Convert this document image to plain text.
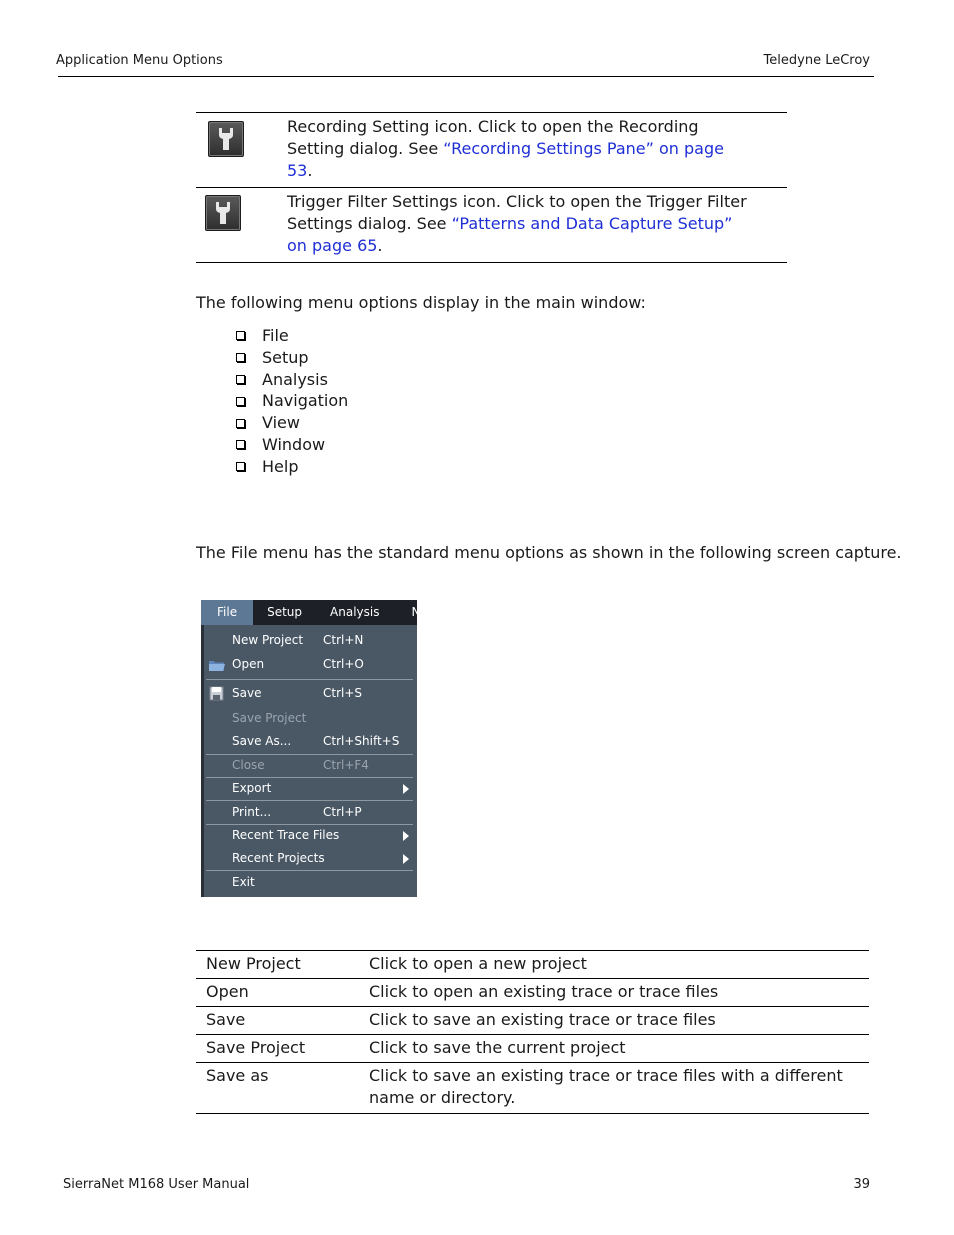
Application Menu Options	Teledyne LeCroy
	Recording Setting icon. Click to open the Recording Setting dialog. See “Recording Settings Pane” on page 53.

	Trigger Filter Settings icon. Click to open the Trigger Filter Settings dialog. See “Patterns and Data Capture Setup” on page 65.

The following menu options display in the main window:

File
Setup
Analysis
Navigation
View
Window
Help

The File menu has the standard menu options as shown in the following screen capture.

File	Setup	Analysis	Na
New Project Ctrl+N
Open	Ctrl+O
Save	Ctrl+S
Save Project
Save As...	Ctrl+Shift+S
Close	Ctrl+F4
Export
Print...	Ctrl+P
Recent Trace Files
Recent Projects
Exit
New Project	Click to open a new project
Open	Click to open an existing trace or trace files
Save	Click to save an existing trace or trace files
Save Project	Click to save the current project
Save as	Click to save an existing trace or trace files with a different name or directory.
SierraNet M168 User Manual	39
